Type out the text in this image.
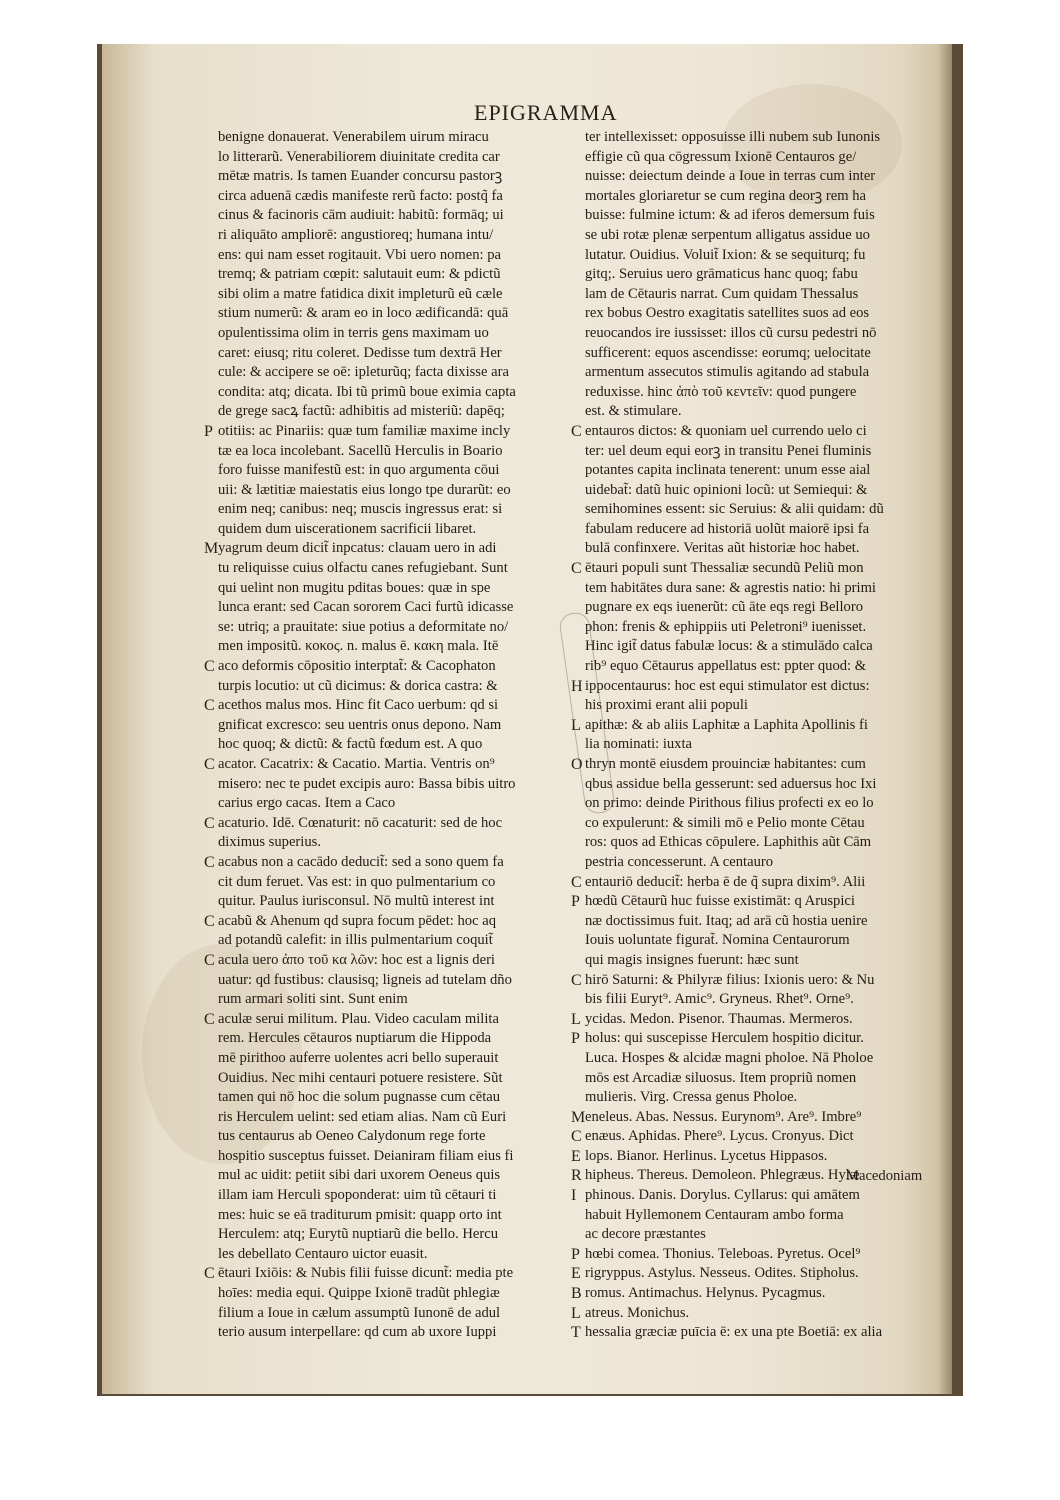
EPIGRAMMA
benigne donauerat. Venerabilem uirum miracu
lo litterarũ. Venerabiliorem diuinitate credita car
mētæ matris. Is tamen Euander concursu pastorꝫ
circa aduenā cædis manifeste rerũ facto: postq̃ fa
cinus & facinoris cām audiuit: habitũ: formāq; ui
ri aliquāto ampliorē: angustioreq; humana intu/
ens: qui nam esset rogitauit. Vbi uero nomen: pa
tremq; & patriam cœpit: salutauit eum: & pdictũ
sibi olim a matre fatidica dixit impleturũ eũ cæle
stium numerũ: & aram eo in loco ædificandā: quā
opulentissima olim in terris gens maximam uo
caret: eiusq; ritu coleret. Dedisse tum dextrā Her
cule: & accipere se oē: ipleturũq; facta dixisse ara
condita: atq; dicata. Ibi tũ primũ boue eximia capta
de grege sacꝝ factũ: adhibitis ad misteriũ: dapēq;
P otitiis: ac Pinariis: quæ tum familiæ maxime incly
tæ ea loca incolebant. Sacellũ Herculis in Boario
foro fuisse manifestũ est: in quo argumenta cōui
uii: & lætitiæ maiestatis eius longo tpe durarũt: eo
enim neq; canibus: neq; muscis ingressus erat: si
quidem dum uiscerationem sacrificii libaret.
M yagrum deum dicit̃ inpcatus: clauam uero in adi
tu reliquisse cuius olfactu canes refugiebant. Sunt
qui uelint non mugitu pditas boues: quæ in spe
lunca erant: sed Cacan sororem Caci furtũ idicasse
se: utriq; a prauitate: siue potius a deformitate no/
men impositũ. κοκος. n. malus ē. κακη mala. Itē
C aco deformis cōpositio interptat̃: & Cacophaton
turpis locutio: ut cũ dicimus: & dorica castra: &
C acethos malus mos. Hinc fit Caco uerbum: qd si
gnificat excresco: seu uentris onus depono. Nam
hoc quoq; & dictũ: & factũ fœdum est. A quo
C acator. Cacatrix: & Cacatio. Martia. Ventris on⁹
misero: nec te pudet excipis auro: Bassa bibis uitro
carius ergo cacas. Item a Caco
C acaturio. Idē. Cœnaturit: nō cacaturit: sed de hoc
diximus superius.
C acabus non a cacādo deducit̃: sed a sono quem fa
cit dum feruet. Vas est: in quo pulmentarium co
quitur. Paulus iurisconsul. Nō multũ interest int
C acabũ & Ahenum qd supra focum pēdet: hoc aq
ad potandũ calefit: in illis pulmentarium coquit̃
C acula uero ἀπο τοῦ κα λῶν: hoc est a lignis deri
uatur: qd fustibus: clausisq; ligneis ad tutelam dño
rum armari soliti sint. Sunt enim
C aculæ serui militum. Plau. Video caculam milita
rem. Hercules cētauros nuptiarum die Hippoda
mē pirithoo auferre uolentes acri bello superauit
Ouidius. Nec mihi centauri potuere resistere. Sũt
tamen qui nō hoc die solum pugnasse cum cētau
ris Herculem uelint: sed etiam alias. Nam cũ Euri
tus centaurus ab Oeneo Calydonum rege forte
hospitio susceptus fuisset. Deianiram filiam eius fi
mul ac uidit: petiit sibi dari uxorem Oeneus quis
illam iam Herculi spoponderat: uim tũ cētauri ti
mes: huic se eā traditurum pmisit: quapp orto int
Herculem: atq; Eurytũ nuptiarũ die bello. Hercu
les debellato Centauro uictor euasit.
C ētauri Ixiōis: & Nubis filii fuisse dicunt̃: media pte
hoīes: media equi. Quippe Ixionē tradũt phlegiæ
filium a Ioue in cælum assumptũ Iunonē de adul
terio ausum interpellare: qd cum ab uxore Iuppi
ter intellexisset: opposuisse illi nubem sub Iunonis
effigie cũ qua cōgressum Ixionē Centauros ge/
nuisse: deiectum deinde a Ioue in terras cum inter
mortales gloriaretur se cum regina deorꝫ rem ha
buisse: fulmine ictum: & ad iferos demersum fuis
se ubi rotæ plenæ serpentum alligatus assidue uo
lutatur. Ouidius. Voluit̃ Ixion: & se sequiturq; fu
gitq;. Seruius uero grāmaticus hanc quoq; fabu
lam de Cētauris narrat. Cum quidam Thessalus
rex bobus Oestro exagitatis satellites suos ad eos
reuocandos ire iussisset: illos cũ cursu pedestri nō
sufficerent: equos ascendisse: eorumq; uelocitate
armentum assecutos stimulis agitando ad stabula
reduxisse. hinc ἀπὸ τοῦ κεντεῖν: quod pungere
est. & stimulare.
C entauros dictos: & quoniam uel currendo uelo ci
ter: uel deum equi eorꝫ in transitu Penei fluminis
potantes capita inclinata tenerent: unum esse aial
uidebat̃: datũ huic opinioni locũ: ut Semiequi: &
semihomines essent: sic Seruius: & alii quidam: dũ
fabulam reducere ad historiā uolũt maiorē ipsi fa
bulā confinxere. Veritas aũt historiæ hoc habet.
C ētauri populi sunt Thessaliæ secundũ Peliũ mon
tem habitātes dura sane: & agrestis natio: hi primi
pugnare ex eqs iuenerũt: cũ āte eqs regi Belloro
phon: frenis & ephippiis uti Peletroni⁹ iuenisset.
Hinc igit̃ datus fabulæ locus: & a stimulādo calca
rib⁹ equo Cētaurus appellatus est: ppter quod: &
H ippocentaurus: hoc est equi stimulator est dictus:
his proximi erant alii populi
L apithæ: & ab aliis Laphitæ a Laphita Apollinis fi
lia nominati: iuxta
O thryn montē eiusdem prouinciæ habitantes: cum
qbus assidue bella gesserunt: sed aduersus hoc Ixi
on primo: deinde Pirithous filius profecti ex eo lo
co expulerunt: & simili mō e Pelio monte Cētau
ros: quos ad Ethicas cōpulere. Laphithis aũt Cām
pestria concesserunt. A centauro
C entauriō deducit̃: herba ē de q̃ supra dixim⁹. Alii
P hœdũ Cētaurũ huc fuisse existimāt: q Aruspici
næ doctissimus fuit. Itaq; ad arā cũ hostia uenire
Iouis uoluntate figurat̃. Nomina Centaurorum
qui magis insignes fuerunt: hæc sunt
C hirō Saturni: & Philyræ filius: Ixionis uero: & Nu
bis filii Euryt⁹. Amic⁹. Gryneus. Rhet⁹. Orne⁹.
L ycidas. Medon. Pisenor. Thaumas. Mermeros.
P holus: qui suscepisse Herculem hospitio dicitur.
Luca. Hospes & alcidæ magni pholoe. Nā Pholoe
mōs est Arcadiæ siluosus. Item propriũ nomen
mulieris. Virg. Cressa genus Pholoe.
M eneleus. Abas. Nessus. Eurynom⁹. Are⁹. Imbre⁹
C enæus. Aphidas. Phere⁹. Lycus. Cronyus. Dict
E lops. Bianor. Herlinus. Lycetus Hippasos.
R hipheus. Thereus. Demoleon. Phlegræus. Hylæ
I phinous. Danis. Dorylus. Cyllarus: qui amātem
habuit Hyllemonem Centauram ambo forma
ac decore præstantes
P hœbi comea. Thonius. Teleboas. Pyretus. Ocel⁹
E rigryppus. Astylus. Nesseus. Odites. Stipholus.
B romus. Antimachus. Helynus. Pycagmus.
L atreus. Monichus.
T hessalia græciæ puīcia ē: ex una pte Boetiā: ex alia
Macedoniam
